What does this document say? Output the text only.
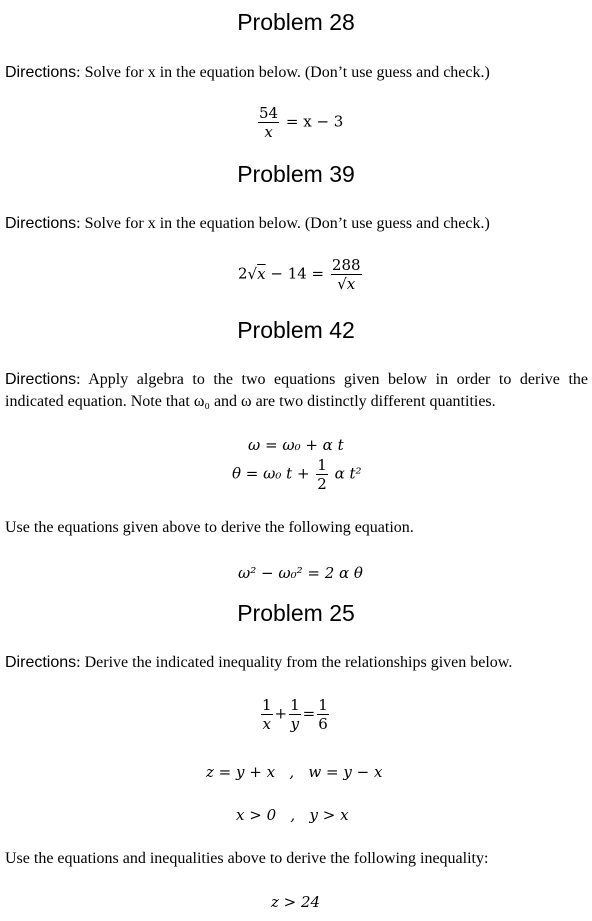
Problem 28
Directions: Solve for x in the equation below. (Don’t use guess and check.)
$\frac{54}{x} = x - 3$
Problem 39
Directions: Solve for x in the equation below. (Don’t use guess and check.)
$2√x - 14 = \frac{288}{√x}$
Problem 42
Directions: Apply algebra to the two equations given below in order to derive the indicated equation. Note that ω₀ and ω are two distinctly different quantities.
ω = ω₀ + α t
θ = ω₀ $t + \frac{1}{2}$ α t²
Use the equations given above to derive the following equation.
ω² − ω₀² = 2 α θ
Problem 25
Directions: Derive the indicated inequality from the relationships given below.
$\frac{1}{x} + \frac{1}{y} = \frac{1}{6}$
z = y + x   ,   w = y − x
x > 0   ,   y > x
Use the equations and inequalities above to derive the following inequality:
z > 24
